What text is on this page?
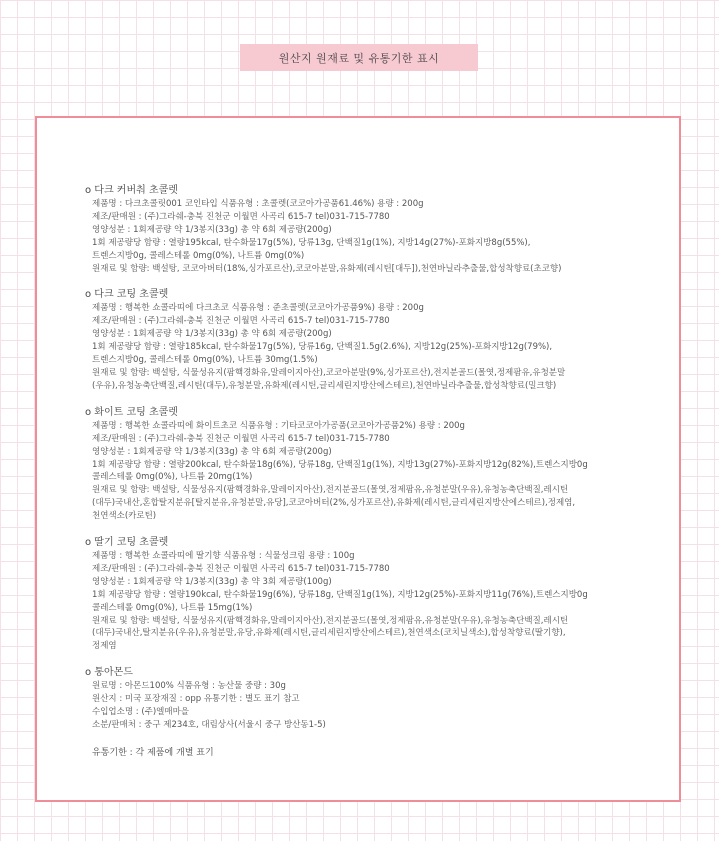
원산지 원재료 및 유통기한 표시
o 다크 커버춰 초콜렛
제품명 : 다크초콜릿001 코인타입 식품유형 : 초콜렛(코코아가공품61.46%) 용량 : 200g
제조/판매원 : (주)그라쉐-충북 진천군 이월면 사곡리 615-7 tel)031-715-7780
영양성분 : 1회제공량 약 1/3봉지(33g) 총 약 6회 제공량(200g)
1회 제공량당 함량 : 열량195kcal, 탄수화물17g(5%), 당류13g, 단백질1g(1%), 지방14g(27%)-포화지방8g(55%),
트렌스지방0g, 콜레스테롤 0mg(0%), 나트륨 0mg(0%)
원재료 및 함량: 백설탕, 코코아버터(18%,싱가포르산),코코아분말,유화제(레시틴[대두]),천연바닐라추출물,합성착향료(초코향)
o 다크 코팅 초콜렛
제품명 : 행복한 쇼콜라띠에 다크초코 식품유형 : 준초콜렛(코코아가공품9%) 용량 : 200g
제조/판매원 : (주)그라쉐-충북 진천군 이월면 사곡리 615-7 tel)031-715-7780
영양성분 : 1회제공량 약 1/3봉지(33g) 총 약 6회 제공량(200g)
1회 제공량당 함량 : 열량185kcal, 탄수화물17g(5%), 당류16g, 단백질1.5g(2.6%), 지방12g(25%)-포화지방12g(79%),
트렌스지방0g, 콜레스테롤 0mg(0%), 나트륨 30mg(1.5%)
원재료 및 함량: 백설탕, 식물성유지(팜핵경화유,말레이지아산),코코아분말(9%,싱가포르산),전지분골드(몰엿,정제팜유,유청분말
(우유),유청농축단백질,레시틴(대두),유청분말,유화제(레시틴,글리세린지방산에스테르),천연바닐라추출물,합성착향료(밀크향)
o 화이트 코팅 초콜렛
제품명 : 행복한 쇼콜라띠에 화이트초코 식품유형 : 기타코코아가공품(코코아가공품2%) 용량 : 200g
제조/판매원 : (주)그라쉐-충북 진천군 이월면 사곡리 615-7 tel)031-715-7780
영양성분 : 1회제공량 약 1/3봉지(33g) 총 약 6회 제공량(200g)
1회 제공량당 함량 : 열량200kcal, 탄수화물18g(6%), 당류18g, 단백질1g(1%), 지방13g(27%)-포화지방12g(82%),트렌스지방0g
콜레스테롤 0mg(0%), 나트륨 20mg(1%)
원재료 및 함량: 백설탕, 식물성유지(팜핵경화유,말레이지아산),전지분골드(몰엿,정제팜유,유청분말(우유),유청농축단백질,레시틴
(대두)국내산,혼합탈지분유[탈지분유,유청분말,유당],코코아버터(2%,싱가포르산),유화제(레시틴,글리세린지방산에스테르),정제염,
천연색소(카로틴)
o 딸기 코팅 초콜렛
제품명 : 행복한 쇼콜라띠에 딸기향 식품유형 : 식물성크림 용량 : 100g
제조/판매원 : (주)그라쉐-충북 진천군 이월면 사곡리 615-7 tel)031-715-7780
영양성분 : 1회제공량 약 1/3봉지(33g) 총 약 3회 제공량(100g)
1회 제공량당 함량 : 열량190kcal, 탄수화물19g(6%), 당류18g, 단백질1g(1%), 지방12g(25%)-포화지방11g(76%),트렌스지방0g
콜레스테롤 0mg(0%), 나트륨 15mg(1%)
원재료 및 함량: 백설탕, 식물성유지(팜핵경화유,말레이지아산),전지분골드(몰엿,정제팜유,유청분말(우유),유청농축단백질,레시틴
(대두)국내산,탈지분유(우유),유청분말,유당,유화제(레시틴,글리세린지방산에스테르),천연색소(코치닐색소),합성착향료(딸기향),
정제염
o 통아몬드
원료명 : 아몬드100% 식품유형 : 농산물 중량 : 30g
원산지 : 미국 포장재질 : opp 유통기한 : 별도 표기 참고
수입업소명 : (주)엘매마을
소분/판매처 : 중구 제234호, 대림상사(서울시 중구 방산동1-5)
유통기한 : 각 제품에 개별 표기
